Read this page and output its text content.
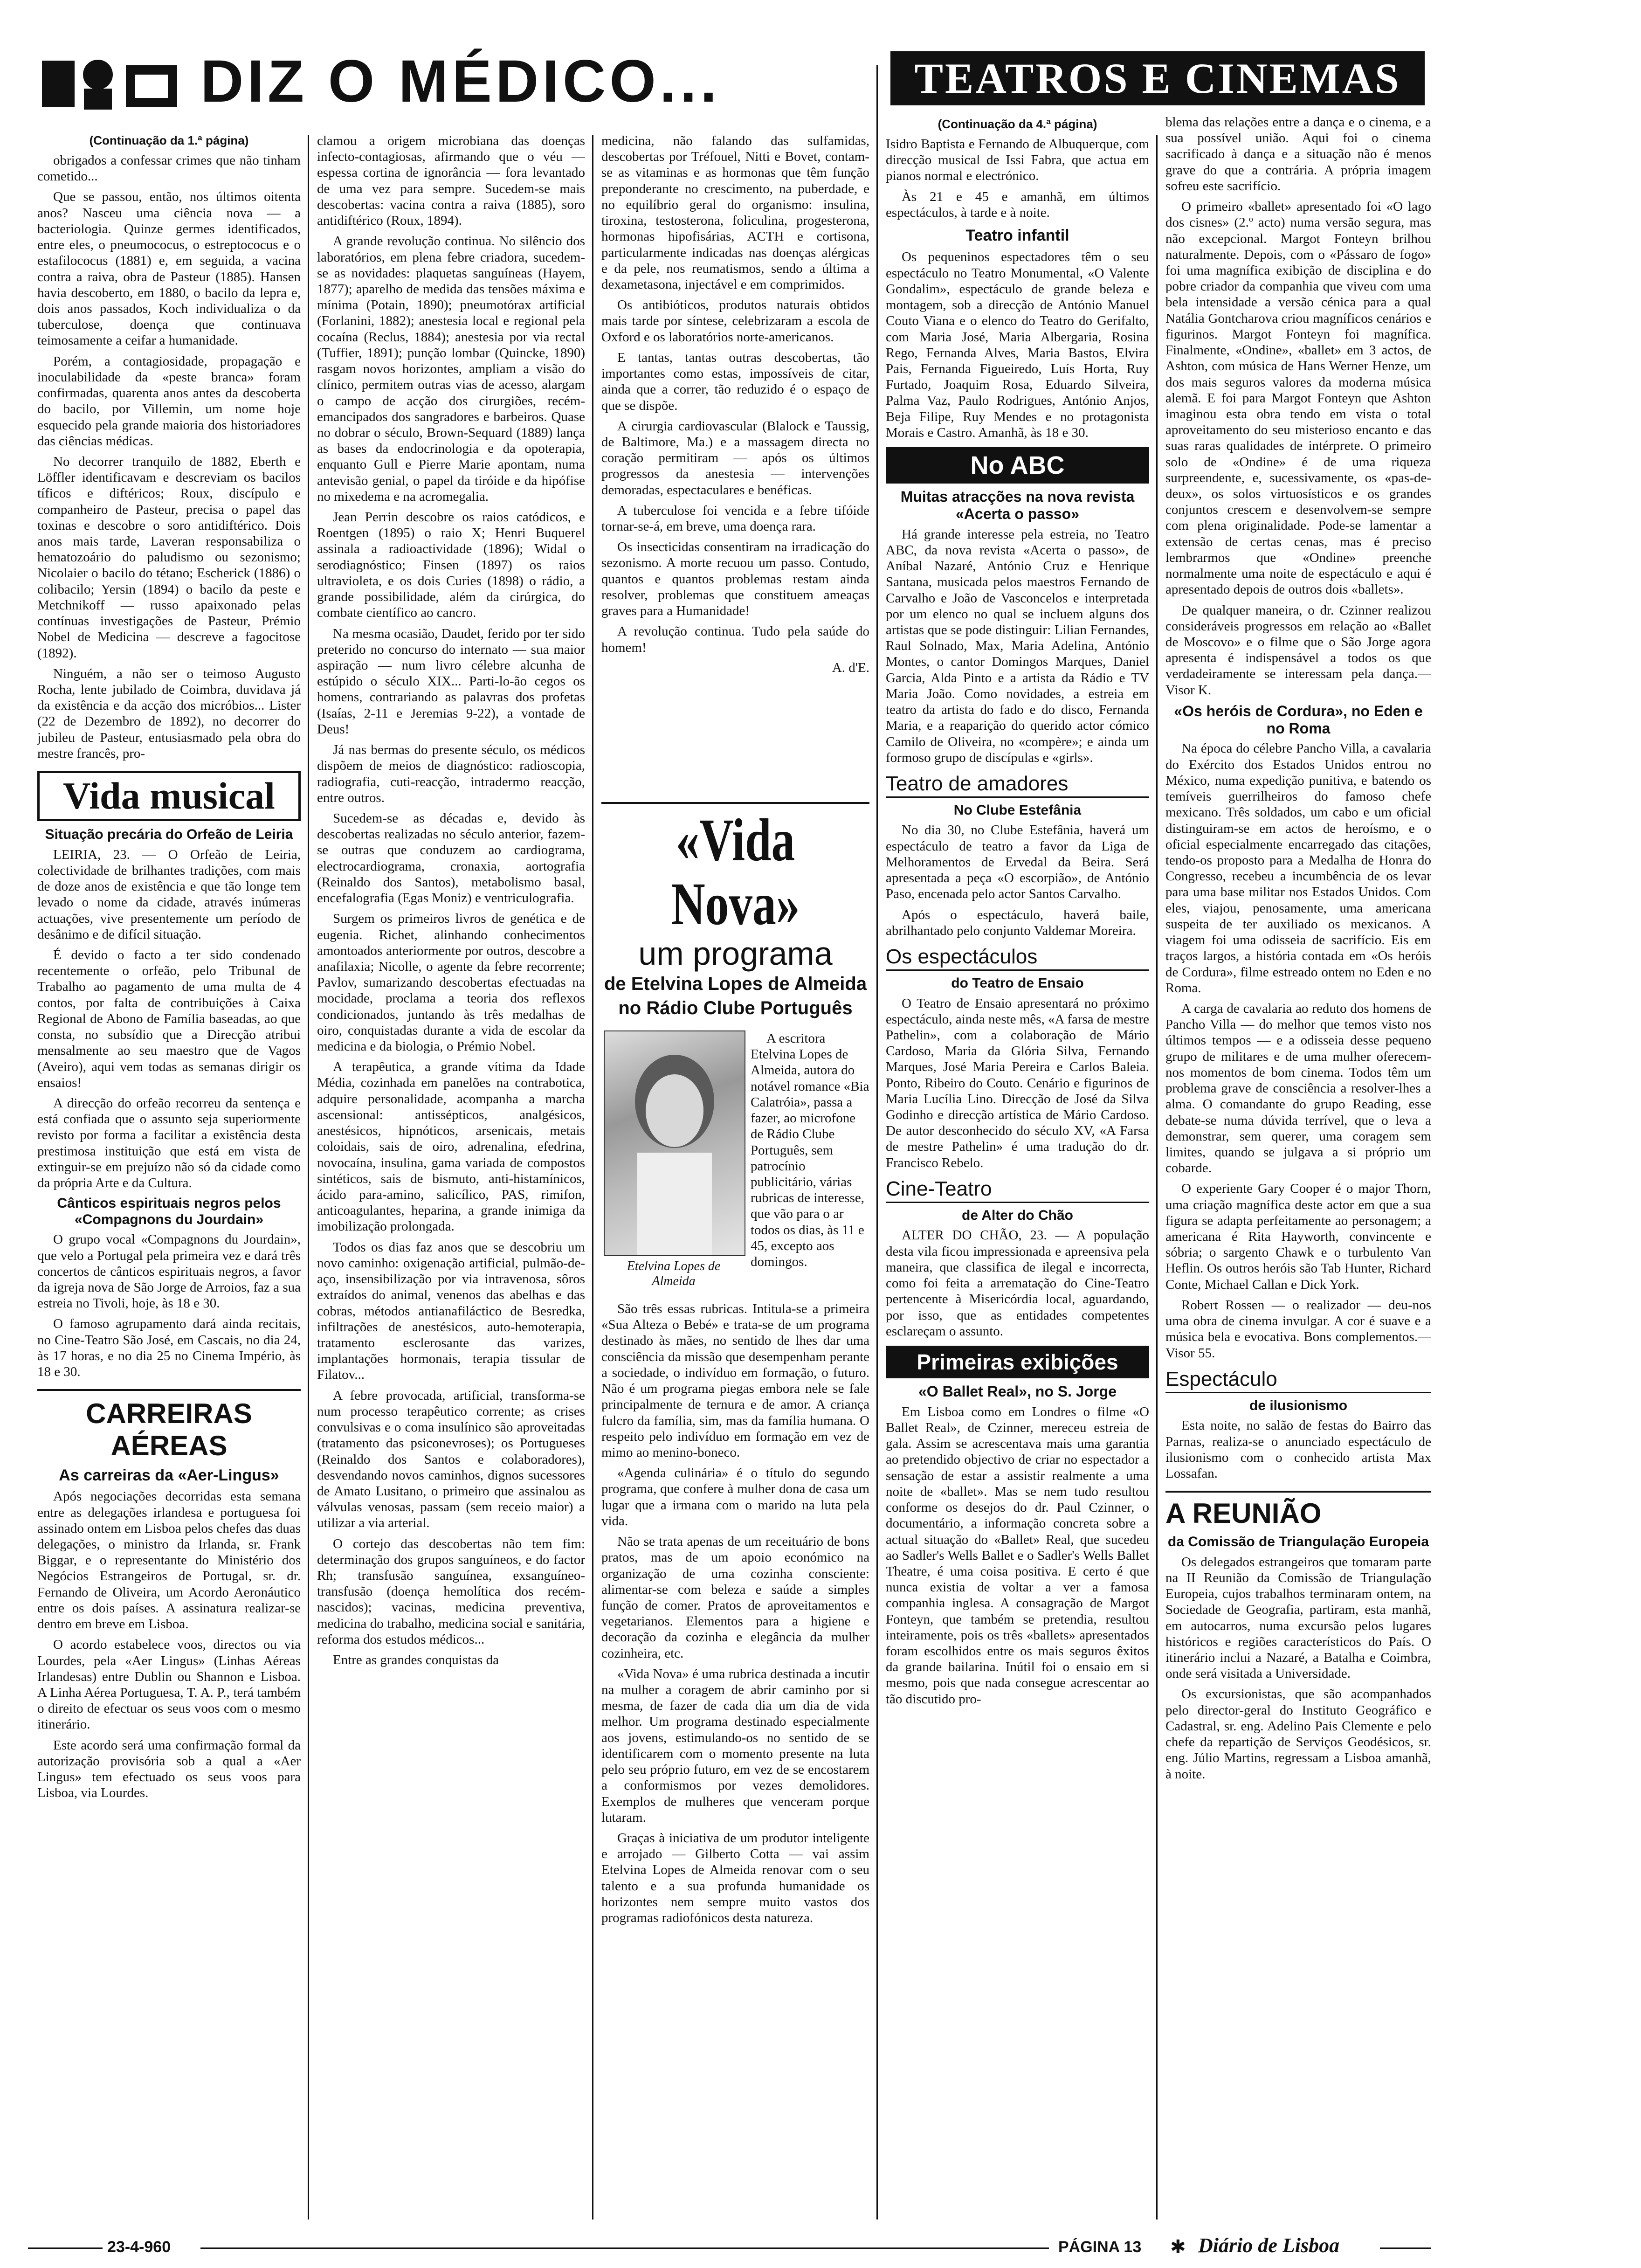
DIZ O MÉDICO...	TEATROS E CINEMAS
(Continuação da 1.ª página)

obrigados a confessar crimes que não tinham cometido...

Que se passou, então, nos últimos oitenta anos? Nasceu uma ciência nova — a bacteriologia. Quinze germes identificados, entre eles, o pneumococus, o estreptococus e o estafilococus (1881) e, em seguida, a vacina contra a raiva, obra de Pasteur (1885). Hansen havia descoberto, em 1880, o bacilo da lepra e, dois anos passados, Koch individualiza o da tuberculose, doença que continuava teimosamente a ceifar a humanidade.

Porém, a contagiosidade, propagação e inoculabilidade da «peste branca» foram confirmadas, quarenta anos antes da descoberta do bacilo, por Villemin, um nome hoje esquecido pela grande maioria dos historiadores das ciências médicas.

No decorrer tranquilo de 1882, Eberth e Löffler identificavam e descreviam os bacilos tíficos e diftéricos; Roux, discípulo e companheiro de Pasteur, precisa o papel das toxinas e descobre o soro antidiftérico. Dois anos mais tarde, Laveran responsabiliza o hematozoário do paludismo ou sezonismo; Nicolaier o bacilo do tétano; Escherick (1886) o colibacilo; Yersin (1894) o bacilo da peste e Metchnikoff — russo apaixonado pelas contínuas investigações de Pasteur, Prémio Nobel de Medicina — descreve a fagocitose (1892).

Ninguém, a não ser o teimoso Augusto Rocha, lente jubilado de Coimbra, duvidava já da existência e da acção dos micróbios... Lister (22 de Dezembro de 1892), no decorrer do jubileu de Pasteur, entusiasmado pela obra do mestre francês, pro-

Vida musical
Situação precária do Orfeão de Leiria

LEIRIA, 23. — O Orfeão de Leiria, colectividade de brilhantes tradições, com mais de doze anos de existência e que tão longe tem levado o nome da cidade, através inúmeras actuações, vive presentemente um período de desânimo e de difícil situação.

É devido o facto a ter sido condenado recentemente o orfeão, pelo Tribunal de Trabalho ao pagamento de uma multa de 4 contos, por falta de contribuições à Caixa Regional de Abono de Família baseadas, ao que consta, no subsídio que a Direcção atribui mensalmente ao seu maestro que de Vagos (Aveiro), aqui vem todas as semanas dirigir os ensaios!

A direcção do orfeão recorreu da sentença e está confiada que o assunto seja superiormente revisto por forma a facilitar a existência desta prestimosa instituição que está em vista de extinguir-se em prejuízo não só da cidade como da própria Arte e da Cultura.

Cânticos espirituais negros pelos «Compagnons du Jourdain»

O grupo vocal «Compagnons du Jourdain», que velo a Portugal pela primeira vez e dará três concertos de cânticos espirituais negros, a favor da igreja nova de São Jorge de Arroios, faz a sua estreia no Tivoli, hoje, às 18 e 30.

O famoso agrupamento dará ainda recitais, no Cine-Teatro São José, em Cascais, no dia 24, às 17 horas, e no dia 25 no Cinema Império, às 18 e 30.

CARREIRAS AÉREAS
As carreiras da «Aer-Lingus»

Após negociações decorridas esta semana entre as delegações irlandesa e portuguesa foi assinado ontem em Lisboa pelos chefes das duas delegações, o ministro da Irlanda, sr. Frank Biggar, e o representante do Ministério dos Negócios Estrangeiros de Portugal, sr. dr. Fernando de Oliveira, um Acordo Aeronáutico entre os dois países. A assinatura realizar-se dentro em breve em Lisboa.

O acordo estabelece voos, directos ou via Lourdes, pela «Aer Lingus» (Linhas Aéreas Irlandesas) entre Dublin ou Shannon e Lisboa. A Linha Aérea Portuguesa, T. A. P., terá também o direito de efectuar os seus voos com o mesmo itinerário.

Este acordo será uma confirmação formal da autorização provisória sob a qual a «Aer Lingus» tem efectuado os seus voos para Lisboa, via Lourdes.

clamou a origem microbiana das doenças infecto-contagiosas, afirmando que o véu — espessa cortina de ignorância — fora levantado de uma vez para sempre. Sucedem-se mais descobertas: vacina contra a raiva (1885), soro antidiftérico (Roux, 1894).

A grande revolução continua. No silêncio dos laboratórios, em plena febre criadora, sucedem-se as novidades: plaquetas sanguíneas (Hayem, 1877); aparelho de medida das tensões máxima e mínima (Potain, 1890); pneumotórax artificial (Forlanini, 1882); anestesia local e regional pela cocaína (Reclus, 1884); anestesia por via rectal (Tuffier, 1891); punção lombar (Quincke, 1890) rasgam novos horizontes, ampliam a visão do clínico, permitem outras vias de acesso, alargam o campo de acção dos cirurgiões, recém-emancipados dos sangradores e barbeiros. Quase no dobrar o século, Brown-Sequard (1889) lança as bases da endocrinologia e da opoterapia, enquanto Gull e Pierre Marie apontam, numa antevisão genial, o papel da tiróide e da hipófise no mixedema e na acromegalia.

Jean Perrin descobre os raios catódicos, e Roentgen (1895) o raio X; Henri Buquerel assinala a radioactividade (1896); Widal o serodiagnóstico; Finsen (1897) os raios ultravioleta, e os dois Curies (1898) o rádio, a grande possibilidade, além da cirúrgica, do combate científico ao cancro.

Na mesma ocasião, Daudet, ferido por ter sido preterido no concurso do internato — sua maior aspiração — num livro célebre alcunha de estúpido o século XIX... Parti-lo-ão cegos os homens, contrariando as palavras dos profetas (Isaías, 2-11 e Jeremias 9-22), a vontade de Deus!

Já nas bermas do presente século, os médicos dispõem de meios de diagnóstico: radioscopia, radiografia, cuti-reacção, intradermo reacção, entre outros.

Sucedem-se as décadas e, devido às descobertas realizadas no século anterior, fazem-se outras que conduzem ao cardiograma, electrocardiograma, cronaxia, aortografia (Reinaldo dos Santos), metabolismo basal, encefalografia (Egas Moniz) e ventriculografia.

Surgem os primeiros livros de genética e de eugenia. Richet, alinhando conhecimentos amontoados anteriormente por outros, descobre a anafilaxia; Nicolle, o agente da febre recorrente; Pavlov, sumarizando descobertas efectuadas na mocidade, proclama a teoria dos reflexos condicionados, juntando às três medalhas de oiro, conquistadas durante a vida de escolar da medicina e da biologia, o Prémio Nobel.

A terapêutica, a grande vítima da Idade Média, cozinhada em panelões na contrabotica, adquire personalidade, acompanha a marcha ascensional: antissépticos, analgésicos, anestésicos, hipnóticos, arsenicais, metais coloidais, sais de oiro, adrenalina, efedrina, novocaína, insulina, gama variada de compostos sintéticos, sais de bismuto, anti-histamínicos, ácido para-amino, salicílico, PAS, rimifon, anticoagulantes, heparina, a grande inimiga da imobilização prolongada.

Todos os dias faz anos que se descobriu um novo caminho: oxigenação artificial, pulmão-de-aço, insensibilização por via intravenosa, sôros extraídos do animal, venenos das abelhas e das cobras, métodos antianafiláctico de Besredka, infiltrações de anestésicos, auto-hemoterapia, tratamento esclerosante das varizes, implantações hormonais, terapia tissular de Filatov...

A febre provocada, artificial, transforma-se num processo terapêutico corrente; as crises convulsivas e o coma insulínico são aproveitadas (tratamento das psiconevroses); os Portugueses (Reinaldo dos Santos e colaboradores), desvendando novos caminhos, dignos sucessores de Amato Lusitano, o primeiro que assinalou as válvulas venosas, passam (sem receio maior) a utilizar a via arterial.

O cortejo das descobertas não tem fim: determinação dos grupos sanguíneos, e do factor Rh; transfusão sanguínea, exsanguíneo-transfusão (doença hemolítica dos recém-nascidos); vacinas, medicina preventiva, medicina do trabalho, medicina social e sanitária, reforma dos estudos médicos...

Entre as grandes conquistas da

medicina, não falando das sulfamidas, descobertas por Tréfouel, Nitti e Bovet, contam-se as vitaminas e as hormonas que têm função preponderante no crescimento, na puberdade, e no equilíbrio geral do organismo: insulina, tiroxina, testosterona, foliculina, progesterona, hormonas hipofisárias, ACTH e cortisona, particularmente indicadas nas doenças alérgicas e da pele, nos reumatismos, sendo a última a dexametasona, injectável e em comprimidos.

Os antibióticos, produtos naturais obtidos mais tarde por síntese, celebrizaram a escola de Oxford e os laboratórios norte-americanos.

E tantas, tantas outras descobertas, tão importantes como estas, impossíveis de citar, ainda que a correr, tão reduzido é o espaço de que se dispõe.

A cirurgia cardiovascular (Blalock e Taussig, de Baltimore, Ma.) e a massagem directa no coração permitiram — após os últimos progressos da anestesia — intervenções demoradas, espectaculares e benéficas.

A tuberculose foi vencida e a febre tifóide tornar-se-á, em breve, uma doença rara.

Os insecticidas consentiram na irradicação do sezonismo. A morte recuou um passo. Contudo, quantos e quantos problemas restam ainda resolver, problemas que constituem ameaças graves para a Humanidade!

A revolução continua. Tudo pela saúde do homem!

A. d'E.
«Vida Nova»
um programa
de Etelvina Lopes de Almeida
no Rádio Clube Português
Etelvina Lopes de Almeida

A escritora Etelvina Lopes de Almeida, autora do notável romance «Bia Calatróia», passa a fazer, ao microfone de Rádio Clube Português, sem patrocínio publicitário, várias rubricas de interesse, que vão para o ar todos os dias, às 11 e 45, excepto aos domingos.

São três essas rubricas. Intitula-se a primeira «Sua Alteza o Bebé» e trata-se de um programa destinado às mães, no sentido de lhes dar uma consciência da missão que desempenham perante a sociedade, o indivíduo em formação, o futuro. Não é um programa piegas embora nele se fale principalmente de ternura e de amor. A criança fulcro da família, sim, mas da família humana. O respeito pelo indivíduo em formação em vez de mimo ao menino-boneco.

«Agenda culinária» é o título do segundo programa, que confere à mulher dona de casa um lugar que a irmana com o marido na luta pela vida.

Não se trata apenas de um receituário de bons pratos, mas de um apoio económico na organização de uma cozinha consciente: alimentar-se com beleza e saúde a simples função de comer. Pratos de aproveitamentos e vegetarianos. Elementos para a higiene e decoração da cozinha e elegância da mulher cozinheira, etc.

«Vida Nova» é uma rubrica destinada a incutir na mulher a coragem de abrir caminho por si mesma, de fazer de cada dia um dia de vida melhor. Um programa destinado especialmente aos jovens, estimulando-os no sentido de se identificarem com o momento presente na luta pelo seu próprio futuro, em vez de se encostarem a conformismos por vezes demolidores. Exemplos de mulheres que venceram porque lutaram.

Graças à iniciativa de um produtor inteligente e arrojado — Gilberto Cotta — vai assim Etelvina Lopes de Almeida renovar com o seu talento e a sua profunda humanidade os horizontes nem sempre muito vastos dos programas radiofónicos desta natureza.

(Continuação da 4.ª página)

Isidro Baptista e Fernando de Albuquerque, com direcção musical de Issi Fabra, que actua em pianos normal e electrónico.

Às 21 e 45 e amanhã, em últimos espectáculos, à tarde e à noite.

Teatro infantil

Os pequeninos espectadores têm o seu espectáculo no Teatro Monumental, «O Valente Gondalim», espectáculo de grande beleza e montagem, sob a direcção de António Manuel Couto Viana e o elenco do Teatro do Gerifalto, com Maria José, Maria Albergaria, Rosina Rego, Fernanda Alves, Maria Bastos, Elvira Pais, Fernanda Figueiredo, Luís Horta, Ruy Furtado, Joaquim Rosa, Eduardo Silveira, Palma Vaz, Paulo Rodrigues, António Anjos, Beja Filipe, Ruy Mendes e no protagonista Morais e Castro. Amanhã, às 18 e 30.

No ABC
Muitas atracções na nova revista «Acerta o passo»

Há grande interesse pela estreia, no Teatro ABC, da nova revista «Acerta o passo», de Aníbal Nazaré, António Cruz e Henrique Santana, musicada pelos maestros Fernando de Carvalho e João de Vasconcelos e interpretada por um elenco no qual se incluem alguns dos artistas que se pode distinguir: Lilian Fernandes, Raul Solnado, Max, Maria Adelina, António Montes, o cantor Domingos Marques, Daniel Garcia, Alda Pinto e a artista da Rádio e TV Maria João. Como novidades, a estreia em teatro da artista do fado e do disco, Fernanda Maria, e a reaparição do querido actor cómico Camilo de Oliveira, no «compère»; e ainda um formoso grupo de discípulas e «girls».

Teatro de amadores
No Clube Estefânia

No dia 30, no Clube Estefânia, haverá um espectáculo de teatro a favor da Liga de Melhoramentos de Ervedal da Beira. Será apresentada a peça «O escorpião», de António Paso, encenada pelo actor Santos Carvalho.

Após o espectáculo, haverá baile, abrilhantado pelo conjunto Valdemar Moreira.

Os espectáculos
do Teatro de Ensaio

O Teatro de Ensaio apresentará no próximo espectáculo, ainda neste mês, «A farsa de mestre Pathelin», com a colaboração de Mário Cardoso, Maria da Glória Silva, Fernando Marques, José Maria Pereira e Carlos Baleia. Ponto, Ribeiro do Couto. Cenário e figurinos de Maria Lucília Lino. Direcção de José da Silva Godinho e direcção artística de Mário Cardoso. De autor desconhecido do século XV, «A Farsa de mestre Pathelin» é uma tradução do dr. Francisco Rebelo.

Cine-Teatro
de Alter do Chão

ALTER DO CHÃO, 23. — A população desta vila ficou impressionada e apreensiva pela maneira, que classifica de ilegal e incorrecta, como foi feita a arrematação do Cine-Teatro pertencente à Misericórdia local, aguardando, por isso, que as entidades competentes esclareçam o assunto.

Primeiras exibições
«O Ballet Real», no S. Jorge

Em Lisboa como em Londres o filme «O Ballet Real», de Czinner, mereceu estreia de gala. Assim se acrescentava mais uma garantia ao pretendido objectivo de criar no espectador a sensação de estar a assistir realmente a uma noite de «ballet». Mas se nem tudo resultou conforme os desejos do dr. Paul Czinner, o documentário, a informação concreta sobre a actual situação do «Ballet» Real, que sucedeu ao Sadler's Wells Ballet e o Sadler's Wells Ballet Theatre, é uma coisa positiva. E certo é que nunca existia de voltar a ver a famosa companhia inglesa. A consagração de Margot Fonteyn, que também se pretendia, resultou inteiramente, pois os três «ballets» apresentados foram escolhidos entre os mais seguros êxitos da grande bailarina. Inútil foi o ensaio em si mesmo, pois que nada consegue acrescentar ao tão discutido pro-

blema das relações entre a dança e o cinema, e a sua possível união. Aqui foi o cinema sacrificado à dança e a situação não é menos grave do que a contrária. A própria imagem sofreu este sacrifício.

O primeiro «ballet» apresentado foi «O lago dos cisnes» (2.º acto) numa versão segura, mas não excepcional. Margot Fonteyn brilhou naturalmente. Depois, com o «Pássaro de fogo» foi uma magnífica exibição de disciplina e do pobre criador da companhia que viveu com uma bela intensidade a versão cénica para a qual Natália Gontcharova criou magníficos cenários e figurinos. Margot Fonteyn foi magnífica. Finalmente, «Ondine», «ballet» em 3 actos, de Ashton, com música de Hans Werner Henze, um dos mais seguros valores da moderna música alemã. E foi para Margot Fonteyn que Ashton imaginou esta obra tendo em vista o total aproveitamento do seu misterioso encanto e das suas raras qualidades de intérprete. O primeiro solo de «Ondine» é de uma riqueza surpreendente, e, sucessivamente, os «pas-de-deux», os solos virtuosísticos e os grandes conjuntos crescem e desenvolvem-se sempre com plena originalidade. Pode-se lamentar a extensão de certas cenas, mas é preciso lembrarmos que «Ondine» preenche normalmente uma noite de espectáculo e aqui é apresentado depois de outros dois «ballets».

De qualquer maneira, o dr. Czinner realizou consideráveis progressos em relação ao «Ballet de Moscovo» e o filme que o São Jorge agora apresenta é indispensável a todos os que verdadeiramente se interessam pela dança.— Visor K.

«Os heróis de Cordura», no Eden e no Roma

Na época do célebre Pancho Villa, a cavalaria do Exército dos Estados Unidos entrou no México, numa expedição punitiva, e batendo os temíveis guerrilheiros do famoso chefe mexicano. Três soldados, um cabo e um oficial distinguiram-se em actos de heroísmo, e o oficial especialmente encarregado das citações, tendo-os proposto para a Medalha de Honra do Congresso, recebeu a incumbência de os levar para uma base militar nos Estados Unidos. Com eles, viajou, penosamente, uma americana suspeita de ter auxiliado os mexicanos. A viagem foi uma odisseia de sacrifício. Eis em traços largos, a história contada em «Os heróis de Cordura», filme estreado ontem no Eden e no Roma.

A carga de cavalaria ao reduto dos homens de Pancho Villa — do melhor que temos visto nos últimos tempos — e a odisseia desse pequeno grupo de militares e de uma mulher oferecem-nos momentos de bom cinema. Todos têm um problema grave de consciência a resolver-lhes a alma. O comandante do grupo Reading, esse debate-se numa dúvida terrível, que o leva a demonstrar, sem querer, uma coragem sem limites, quando se julgava a si próprio um cobarde.

O experiente Gary Cooper é o major Thorn, uma criação magnífica deste actor em que a sua figura se adapta perfeitamente ao personagem; a americana é Rita Hayworth, convincente e sóbria; o sargento Chawk e o turbulento Van Heflin. Os outros heróis são Tab Hunter, Richard Conte, Michael Callan e Dick York.

Robert Rossen — o realizador — deu-nos uma obra de cinema invulgar. A cor é suave e a música bela e evocativa. Bons complementos.— Visor 55.

Espectáculo
de ilusionismo

Esta noite, no salão de festas do Bairro das Parnas, realiza-se o anunciado espectáculo de ilusionismo com o conhecido artista Max Lossafan.

A REUNIÃO
da Comissão de Triangulação Europeia

Os delegados estrangeiros que tomaram parte na II Reunião da Comissão de Triangulação Europeia, cujos trabalhos terminaram ontem, na Sociedade de Geografia, partiram, esta manhã, em autocarros, numa excursão pelos lugares históricos e regiões característicos do País. O itinerário inclui a Nazaré, a Batalha e Coimbra, onde será visitada a Universidade.

Os excursionistas, que são acompanhados pelo director-geral do Instituto Geográfico e Cadastral, sr. eng. Adelino Pais Clemente e pelo chefe da repartição de Serviços Geodésicos, sr. eng. Júlio Martins, regressam a Lisboa amanhã, à noite.

23-4-960	PÁGINA 13 ✱ Diário de Lisboa
